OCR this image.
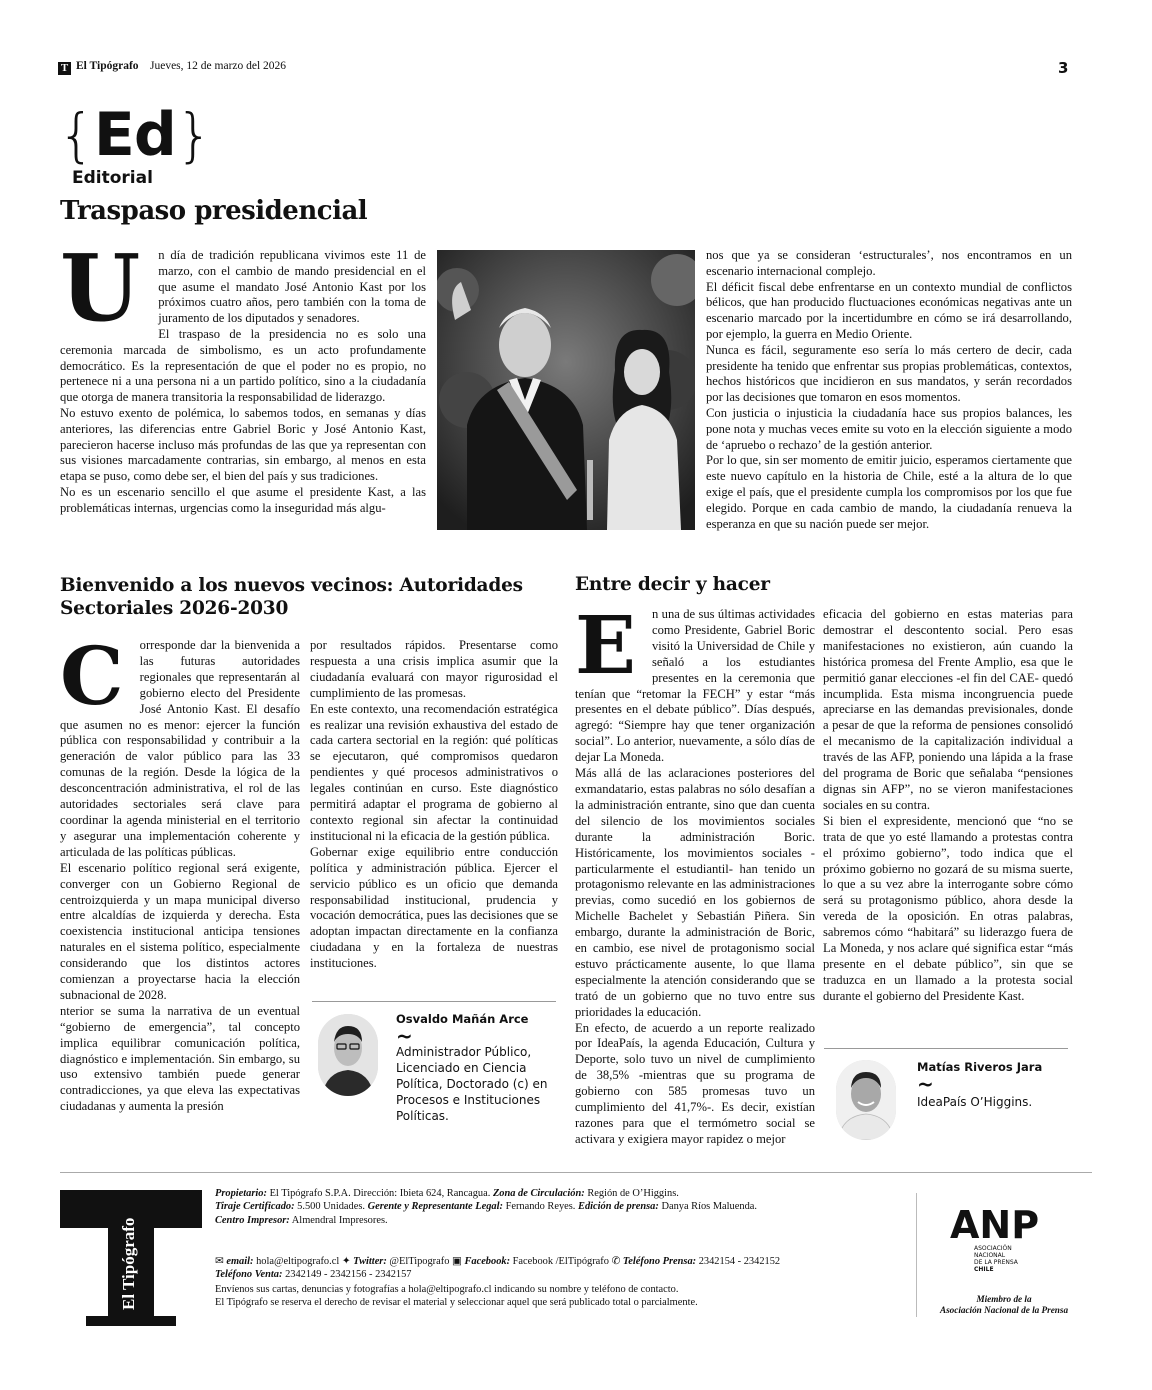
T El Tipógrafo Jueves, 12 de marzo del 2026	3
{Ed}
Editorial
Traspaso presidencial
U	n día de tradición republicana vivimos este 11 de marzo, con el cambio de mando presidencial en el que asume el mandato José Antonio Kast por los próximos cuatro años, pero también con la toma de juramento de los diputados y senadores.

El traspaso de la presidencia no es solo una ceremonia marcada de simbolismo, es un acto profundamente democrático. Es la representación de que el poder no es propio, no pertenece ni a una persona ni a un partido político, sino a la ciudadanía que otorga de manera transitoria la responsabilidad de liderazgo.

No estuvo exento de polémica, lo sabemos todos, en semanas y días anteriores, las diferencias entre Gabriel Boric y José Antonio Kast, parecieron hacerse incluso más profundas de las que ya representan con sus visiones marcadamente contrarias, sin embargo, al menos en esta etapa se puso, como debe ser, el bien del país y sus tradiciones.

No es un escenario sencillo el que asume el presidente Kast, a las problemáticas internas, urgencias como la inseguridad más algu-

nos que ya se consideran ‘estructurales’, nos encontramos en un escenario internacional complejo.

El déficit fiscal debe enfrentarse en un contexto mundial de conflictos bélicos, que han producido fluctuaciones económicas negativas ante un escenario marcado por la incertidumbre en cómo se irá desarrollando, por ejemplo, la guerra en Medio Oriente.

Nunca es fácil, seguramente eso sería lo más certero de decir, cada presidente ha tenido que enfrentar sus propias problemáticas, contextos, hechos históricos que incidieron en sus mandatos, y serán recordados por las decisiones que tomaron en esos momentos.

Con justicia o injusticia la ciudadanía hace sus propios balances, les pone nota y muchas veces emite su voto en la elección siguiente a modo de ‘apruebo o rechazo’ de la gestión anterior.

Por lo que, sin ser momento de emitir juicio, esperamos ciertamente que este nuevo capítulo en la historia de Chile, esté a la altura de lo que exige el país, que el presidente cumpla los compromisos por los que fue elegido. Porque en cada cambio de mando, la ciudadanía renueva la esperanza en que su nación puede ser mejor.

Bienvenido a los nuevos vecinos: Autoridades Sectoriales 2026-2030
C	orresponde dar la bienvenida a las futuras autoridades regionales que representarán al gobierno electo del Presidente José Antonio Kast. El desafío que asumen no es menor: ejercer la función pública con responsabilidad y contribuir a la generación de valor público para las 33 comunas de la región. Desde la lógica de la desconcentración administrativa, el rol de las autoridades sectoriales será clave para coordinar la agenda ministerial en el territorio y asegurar una implementación coherente y articulada de las políticas públicas.

El escenario político regional será exigente, converger con un Gobierno Regional de centroizquierda y un mapa municipal diverso entre alcaldías de izquierda y derecha. Esta coexistencia institucional anticipa tensiones naturales en el sistema político, especialmente considerando que los distintos actores comienzan a proyectarse hacia la elección subnacional de 2028.

nterior se suma la narrativa de un eventual “gobierno de emergencia”, tal concepto implica equilibrar comunicación política, diagnóstico e implementación. Sin embargo, su uso extensivo también puede generar contradicciones, ya que eleva las expectativas ciudadanas y aumenta la presión

por resultados rápidos. Presentarse como respuesta a una crisis implica asumir que la ciudadanía evaluará con mayor rigurosidad el cumplimiento de las promesas.

En este contexto, una recomendación estratégica es realizar una revisión exhaustiva del estado de cada cartera sectorial en la región: qué políticas se ejecutaron, qué compromisos quedaron pendientes y qué procesos administrativos o legales continúan en curso. Este diagnóstico permitirá adaptar el programa de gobierno al contexto regional sin afectar la continuidad institucional ni la eficacia de la gestión pública.

Gobernar exige equilibrio entre conducción política y administración pública. Ejercer el servicio público es un oficio que demanda responsabilidad institucional, prudencia y vocación democrática, pues las decisiones que se adoptan impactan directamente en la confianza ciudadana y en la fortaleza de nuestras instituciones.

Osvaldo Mañán Arce
~
Administrador Público, Licenciado en Ciencia Política, Doctorado (c) en Procesos e Instituciones Políticas.
Entre decir y hacer
E	n una de sus últimas actividades como Presidente, Gabriel Boric visitó la Universidad de Chile y señaló a los estudiantes presentes en la ceremonia que tenían que “retomar la FECH” y estar “más presentes en el debate público”. Días después, agregó: “Siempre hay que tener organización social”. Lo anterior, nuevamente, a sólo días de dejar La Moneda.

Más allá de las aclaraciones posteriores del exmandatario, estas palabras no sólo desafían a la administración entrante, sino que dan cuenta del silencio de los movimientos sociales durante la administración Boric. Históricamente, los movimientos sociales -particularmente el estudiantil- han tenido un protagonismo relevante en las administraciones previas, como sucedió en los gobiernos de Michelle Bachelet y Sebastián Piñera. Sin embargo, durante la administración de Boric, en cambio, ese nivel de protagonismo social estuvo prácticamente ausente, lo que llama especialmente la atención considerando que se trató de un gobierno que no tuvo entre sus prioridades la educación.

En efecto, de acuerdo a un reporte realizado por IdeaPaís, la agenda Educación, Cultura y Deporte, solo tuvo un nivel de cumplimiento de 38,5% -mientras que su programa de gobierno con 585 promesas tuvo un cumplimiento del 41,7%-. Es decir, existían razones para que el termómetro social se activara y exigiera mayor rapidez o mejor

eficacia del gobierno en estas materias para demostrar el descontento social. Pero esas manifestaciones no existieron, aún cuando la histórica promesa del Frente Amplio, esa que le permitió ganar elecciones -el fin del CAE- quedó incumplida. Esta misma incongruencia puede apreciarse en las demandas previsionales, donde a pesar de que la reforma de pensiones consolidó el mecanismo de la capitalización individual a través de las AFP, poniendo una lápida a la frase del programa de Boric que señalaba “pensiones dignas sin AFP”, no se vieron manifestaciones sociales en su contra.

Si bien el expresidente, mencionó que “no se trata de que yo esté llamando a protestas contra el próximo gobierno”, todo indica que el próximo gobierno no gozará de su misma suerte, lo que a su vez abre la interrogante sobre cómo será su protagonismo público, ahora desde la vereda de la oposición. En otras palabras, sabremos cómo “habitará” su liderazgo fuera de La Moneda, y nos aclare qué significa estar “más presente en el debate público”, sin que se traduzca en un llamado a la protesta social durante el gobierno del Presidente Kast.

Matías Riveros Jara
~
IdeaPaís O’Higgins.
El Tipógrafo
Propietario: El Tipógrafo S.P.A. Dirección: Ibieta 624, Rancagua. Zona de Circulación: Región de O’Higgins.
Tiraje Certificado: 5.500 Unidades. Gerente y Representante Legal: Fernando Reyes. Edición de prensa: Danya Ríos Maluenda.
Centro Impresor: Almendral Impresores.
✉ email: hola@eltipografo.cl ✦ Twitter: @ElTipografo ▣ Facebook: Facebook /ElTipógrafo ✆ Teléfono Prensa: 2342154 - 2342152
Teléfono Venta: 2342149 - 2342156 - 2342157
Envíenos sus cartas, denuncias y fotografías a hola@eltipografo.cl indicando su nombre y teléfono de contacto.
El Tipógrafo se reserva el derecho de revisar el material y seleccionar aquel que será publicado total o parcialmente.
ANP
ASOCIACIÓN
NACIONAL
DE LA PRENSA
CHILE
Miembro de la
Asociación Nacional de la Prensa
